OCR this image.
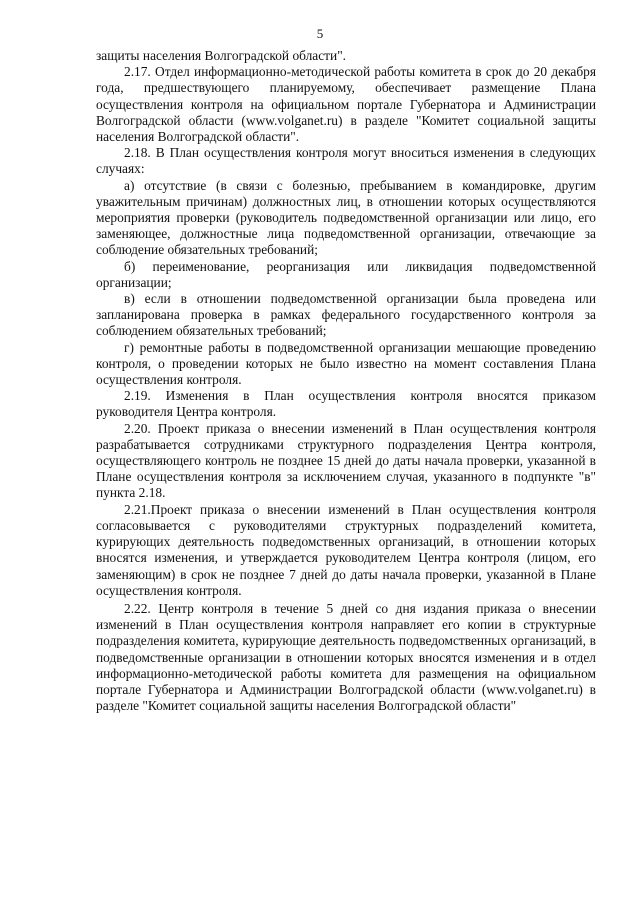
5

защиты населения Волгоградской области".

2.17. Отдел информационно-методической работы комитета в срок до 20 декабря года, предшествующего планируемому, обеспечивает размещение Плана осуществления контроля на официальном портале Губернатора и Администрации Волгоградской области (www.volganet.ru) в разделе "Комитет социальной защиты населения Волгоградской области".

2.18. В План осуществления контроля могут вноситься изменения в следующих случаях:

а) отсутствие (в связи с болезнью, пребыванием в командировке, другим уважительным причинам) должностных лиц, в отношении которых осуществляются мероприятия проверки (руководитель подведомственной организации или лицо, его заменяющее, должностные лица подведомственной организации, отвечающие за соблюдение обязательных требований;

б) переименование, реорганизация или ликвидация подведомственной организации;

в) если в отношении подведомственной организации была проведена или запланирована проверка в рамках федерального государственного контроля за соблюдением обязательных требований;

г) ремонтные работы в подведомственной организации мешающие проведению контроля, о проведении которых не было известно на момент составления Плана осуществления контроля.

2.19. Изменения в План осуществления контроля вносятся приказом руководителя Центра контроля.

2.20. Проект приказа о внесении изменений в План осуществления контроля разрабатывается сотрудниками структурного подразделения Центра контроля, осуществляющего контроль не позднее 15 дней до даты начала проверки, указанной в Плане осуществления контроля за исключением случая, указанного в подпункте "в" пункта 2.18.

2.21.Проект приказа о внесении изменений в План осуществления контроля согласовывается с руководителями структурных подразделений комитета, курирующих деятельность подведомственных организаций, в отношении которых вносятся изменения, и утверждается руководителем Центра контроля (лицом, его заменяющим) в срок не позднее 7 дней до даты начала проверки, указанной в Плане осуществления контроля.

2.22. Центр контроля в течение 5 дней со дня издания приказа о внесении изменений в План осуществления контроля направляет его копии в структурные подразделения комитета, курирующие деятельность подведомственных организаций, в подведомственные организации в отношении которых вносятся изменения и в отдел информационно-методической работы комитета для размещения на официальном портале Губернатора и Администрации Волгоградской области (www.volganet.ru) в разделе "Комитет социальной защиты населения Волгоградской области"
